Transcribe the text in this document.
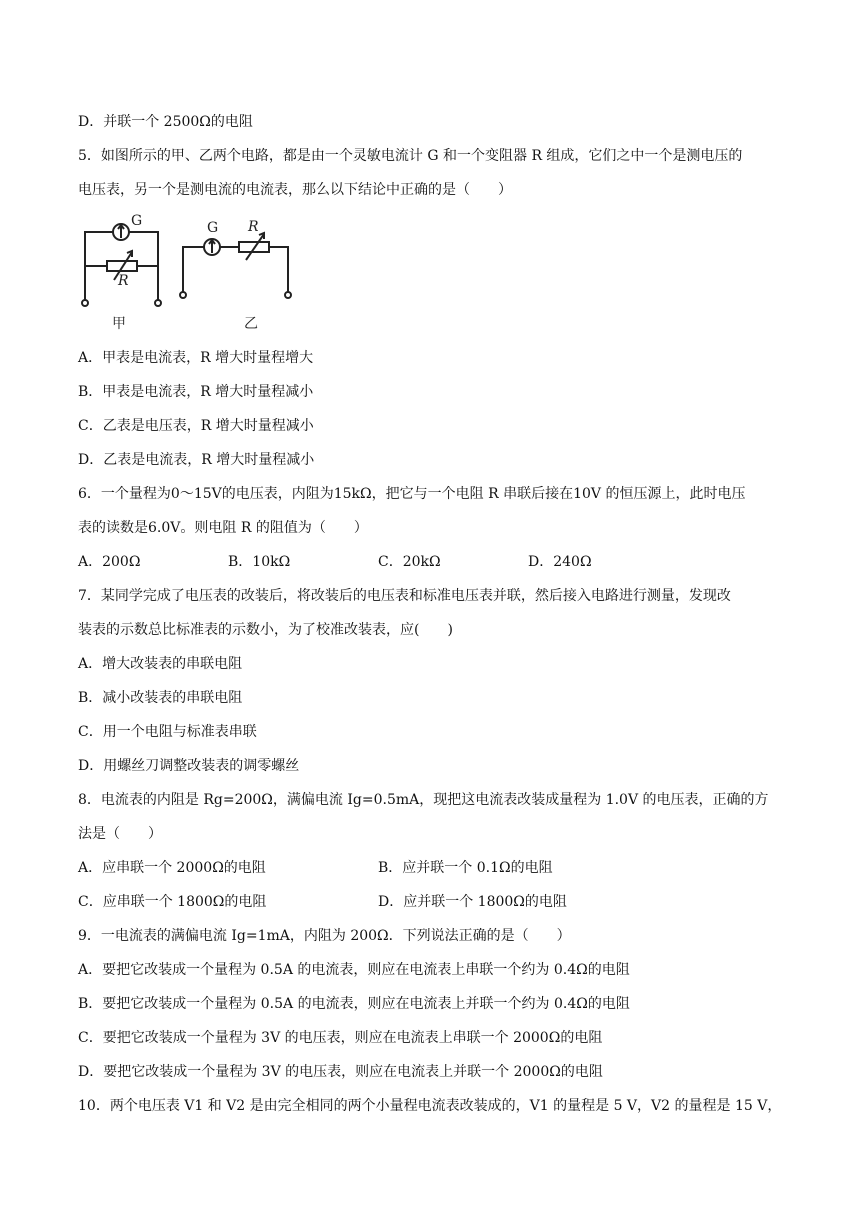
D．并联一个 2500Ω的电阻
5．如图所示的甲、乙两个电路，都是由一个灵敏电流计 G 和一个变阻器 R 组成，它们之中一个是测电压的
电压表，另一个是测电流的电流表，那么以下结论中正确的是（　　）
G
R
甲
G R
乙
A．甲表是电流表，R 增大时量程增大
B．甲表是电流表，R 增大时量程减小
C．乙表是电压表，R 增大时量程减小
D．乙表是电流表，R 增大时量程减小
6．一个量程为0～15V的电压表，内阻为15kΩ，把它与一个电阻 R 串联后接在10V 的恒压源上，此时电压
表的读数是6.0V。则电阻 R 的阻值为（　　）
A．200Ω	B．10kΩ	C．20kΩ	D．240Ω
7．某同学完成了电压表的改装后，将改装后的电压表和标准电压表并联，然后接入电路进行测量，发现改
装表的示数总比标准表的示数小，为了校准改装表，应(　　)
A．增大改装表的串联电阻
B．减小改装表的串联电阻
C．用一个电阻与标准表串联
D．用螺丝刀调整改装表的调零螺丝
8．电流表的内阻是 Rg=200Ω，满偏电流 Ig=0.5mA，现把这电流表改装成量程为 1.0V 的电压表，正确的方
法是（　　）
A．应串联一个 2000Ω的电阻	B．应并联一个 0.1Ω的电阻
C．应串联一个 1800Ω的电阻	D．应并联一个 1800Ω的电阻
9．一电流表的满偏电流 Ig=1mA，内阻为 200Ω．下列说法正确的是（　　）
A．要把它改装成一个量程为 0.5A 的电流表，则应在电流表上串联一个约为 0.4Ω的电阻
B．要把它改装成一个量程为 0.5A 的电流表，则应在电流表上并联一个约为 0.4Ω的电阻
C．要把它改装成一个量程为 3V 的电压表，则应在电流表上串联一个 2000Ω的电阻
D．要把它改装成一个量程为 3V 的电压表，则应在电流表上并联一个 2000Ω的电阻
10．两个电压表 V1 和 V2 是由完全相同的两个小量程电流表改装成的，V1 的量程是 5 V，V2 的量程是 15 V，
